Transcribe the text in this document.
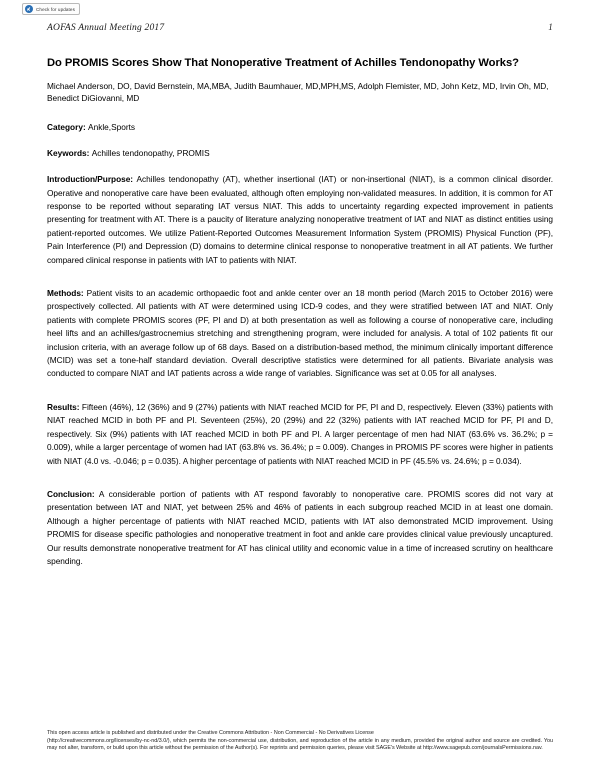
Check for updates
AOFAS Annual Meeting 2017	1
Do PROMIS Scores Show That Nonoperative Treatment of Achilles Tendonopathy Works?

Michael Anderson, DO, David Bernstein, MA,MBA, Judith Baumhauer, MD,MPH,MS, Adolph Flemister, MD, John Ketz, MD, Irvin Oh, MD, Benedict DiGiovanni, MD

Category: Ankle,Sports

Keywords: Achilles tendonopathy, PROMIS

Introduction/Purpose: Achilles tendonopathy (AT), whether insertional (IAT) or non-insertional (NIAT), is a common clinical disorder. Operative and nonoperative care have been evaluated, although often employing non-validated measures. In addition, it is common for AT response to be reported without separating IAT versus NIAT. This adds to uncertainty regarding expected improvement in patients presenting for treatment with AT. There is a paucity of literature analyzing nonoperative treatment of IAT and NIAT as distinct entities using patient-reported outcomes. We utilize Patient-Reported Outcomes Measurement Information System (PROMIS) Physical Function (PF), Pain Interference (PI) and Depression (D) domains to determine clinical response to nonoperative treatment in all AT patients. We further compared clinical response in patients with IAT to patients with NIAT.

Methods: Patient visits to an academic orthopaedic foot and ankle center over an 18 month period (March 2015 to October 2016) were prospectively collected. All patients with AT were determined using ICD-9 codes, and they were stratified between IAT and NIAT. Only patients with complete PROMIS scores (PF, PI and D) at both presentation as well as following a course of nonoperative care, including heel lifts and an achilles/gastrocnemius stretching and strengthening program, were included for analysis. A total of 102 patients fit our inclusion criteria, with an average follow up of 68 days. Based on a distribution-based method, the minimum clinically important difference (MCID) was set a tone-half standard deviation. Overall descriptive statistics were determined for all patients. Bivariate analysis was conducted to compare NIAT and IAT patients across a wide range of variables. Significance was set at 0.05 for all analyses.

Results: Fifteen (46%), 12 (36%) and 9 (27%) patients with NIAT reached MCID for PF, PI and D, respectively. Eleven (33%) patients with NIAT reached MCID in both PF and PI. Seventeen (25%), 20 (29%) and 22 (32%) patients with IAT reached MCID for PF, PI and D, respectively. Six (9%) patients with IAT reached MCID in both PF and PI. A larger percentage of men had NIAT (63.6% vs. 36.2%; p = 0.009), while a larger percentage of women had IAT (63.8% vs. 36.4%; p = 0.009). Changes in PROMIS PF scores were higher in patients with NIAT (4.0 vs. -0.046; p = 0.035). A higher percentage of patients with NIAT reached MCID in PF (45.5% vs. 24.6%; p = 0.034).

Conclusion: A considerable portion of patients with AT respond favorably to nonoperative care. PROMIS scores did not vary at presentation between IAT and NIAT, yet between 25% and 46% of patients in each subgroup reached MCID in at least one domain. Although a higher percentage of patients with NIAT reached MCID, patients with IAT also demonstrated MCID improvement. Using PROMIS for disease specific pathologies and nonoperative treatment in foot and ankle care provides clinical value previously uncaptured. Our results demonstrate nonoperative treatment for AT has clinical utility and economic value in a time of increased scrutiny on healthcare spending.

This open access article is published and distributed under the Creative Commons Attribution - Non Commercial - No Derivatives License
(http://creativecommons.org/licenses/by-nc-nd/3.0/), which permits the non-commercial use, distribution, and reproduction of the article in any medium, provided the original author and source are credited. You may not alter, transform, or build upon this article without the permission of the Author(s). For reprints and permission queries, please visit SAGE's Website at http://www.sagepub.com/journalsPermissions.nav.
